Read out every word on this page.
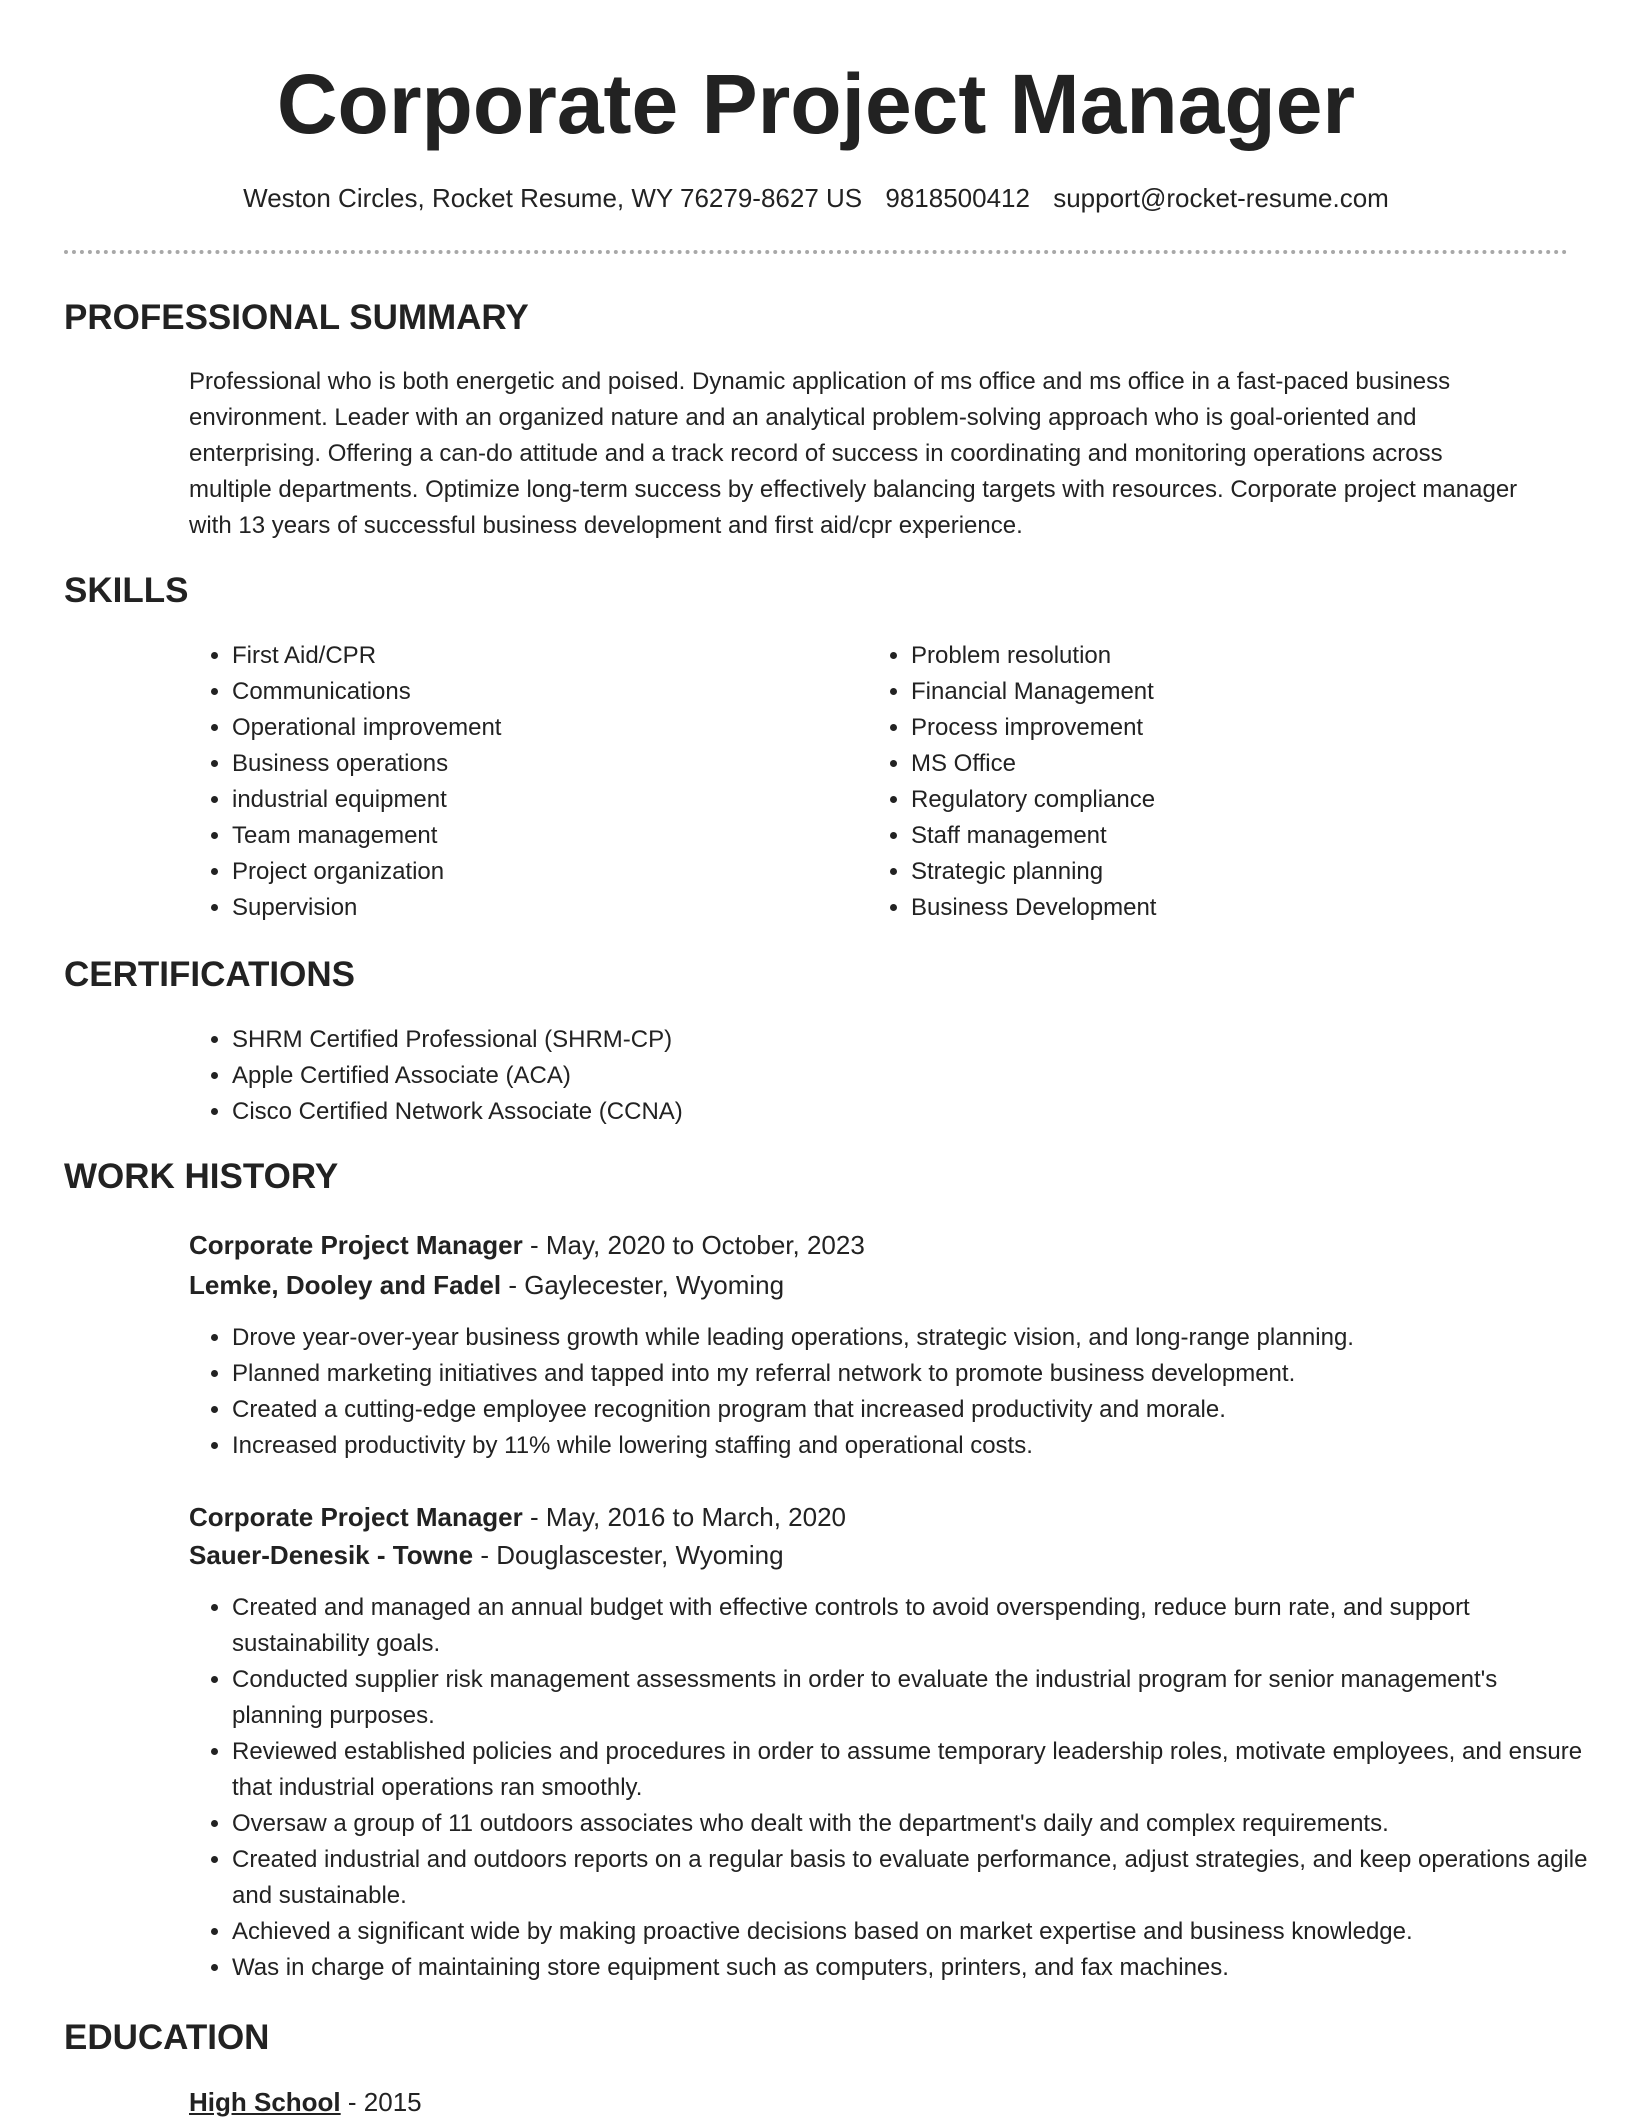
Corporate Project Manager
Weston Circles, Rocket Resume, WY 76279-8627 US 9818500412 support@rocket-resume.com
PROFESSIONAL SUMMARY

Professional who is both energetic and poised. Dynamic application of ms office and ms office in a fast-paced business environment. Leader with an organized nature and an analytical problem-solving approach who is goal-oriented and enterprising. Offering a can-do attitude and a track record of success in coordinating and monitoring operations across multiple departments. Optimize long-term success by effectively balancing targets with resources. Corporate project manager with 13 years of successful business development and first aid/cpr experience.

SKILLS
• First Aid/CPR
• Communications
• Operational improvement
• Business operations
• industrial equipment
• Team management
• Project organization
• Supervision
• Problem resolution
• Financial Management
• Process improvement
• MS Office
• Regulatory compliance
• Staff management
• Strategic planning
• Business Development
CERTIFICATIONS
• SHRM Certified Professional (SHRM-CP)
• Apple Certified Associate (ACA)
• Cisco Certified Network Associate (CCNA)
WORK HISTORY
Corporate Project Manager - May, 2020 to October, 2023
Lemke, Dooley and Fadel - Gaylecester, Wyoming
• Drove year-over-year business growth while leading operations, strategic vision, and long-range planning.
• Planned marketing initiatives and tapped into my referral network to promote business development.
• Created a cutting-edge employee recognition program that increased productivity and morale.
• Increased productivity by 11% while lowering staffing and operational costs.
Corporate Project Manager - May, 2016 to March, 2020
Sauer-Denesik - Towne - Douglascester, Wyoming
• Created and managed an annual budget with effective controls to avoid overspending, reduce burn rate, and support sustainability goals.
• Conducted supplier risk management assessments in order to evaluate the industrial program for senior management's planning purposes.
• Reviewed established policies and procedures in order to assume temporary leadership roles, motivate employees, and ensure that industrial operations ran smoothly.
• Oversaw a group of 11 outdoors associates who dealt with the department's daily and complex requirements.
• Created industrial and outdoors reports on a regular basis to evaluate performance, adjust strategies, and keep operations agile and sustainable.
• Achieved a significant wide by making proactive decisions based on market expertise and business knowledge.
• Was in charge of maintaining store equipment such as computers, printers, and fax machines.
EDUCATION
High School - 2015
